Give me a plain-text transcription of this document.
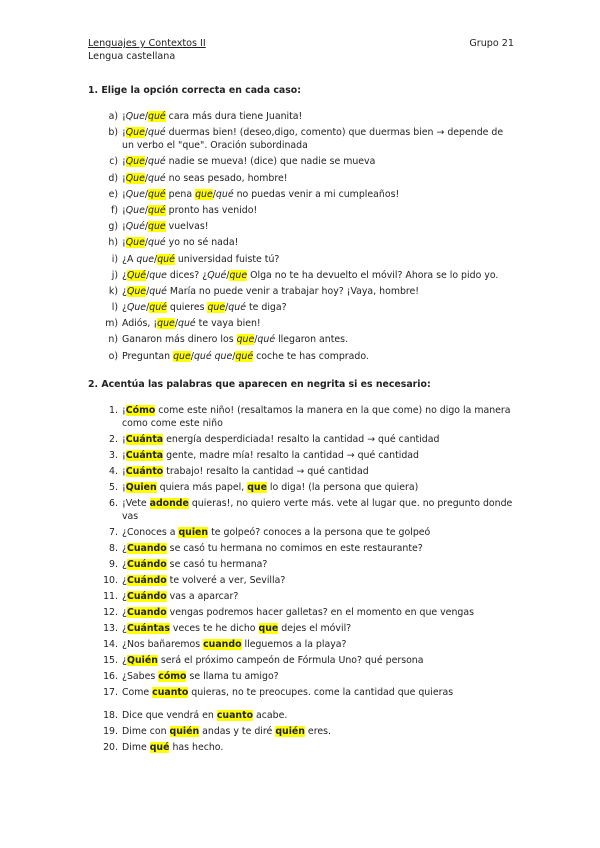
Lenguajes y Contextos II	Grupo 21
Lengua castellana
1. Elige la opción correcta en cada caso:
a) ¡Que/qué cara más dura tiene Juanita!
b) ¡Que/qué duermas bien! (deseo,digo, comento) que duermas bien → depende de un verbo el "que". Oración subordinada
c) ¡Que/qué nadie se mueva! (dice) que nadie se mueva
d) ¡Que/qué no seas pesado, hombre!
e) ¡Que/qué pena que/qué no puedas venir a mi cumpleaños!
f) ¡Que/qué pronto has venido!
g) ¡Qué/que vuelvas!
h) ¡Que/qué yo no sé nada!
i) ¿A que/qué universidad fuiste tú?
j) ¿Qué/que dices? ¿Qué/que Olga no te ha devuelto el móvil? Ahora se lo pido yo.
k) ¿Que/qué María no puede venir a trabajar hoy? ¡Vaya, hombre!
l) ¿Que/qué quieres que/qué te diga?
m) Adiós, ¡que/qué te vaya bien!
n) Ganaron más dinero los que/qué llegaron antes.
o) Preguntan que/qué que/qué coche te has comprado.
2. Acentúa las palabras que aparecen en negrita si es necesario:
1. ¡Cómo come este niño! (resaltamos la manera en la que come) no digo la manera como come este niño
2. ¡Cuánta energía desperdiciada! resalto la cantidad → qué cantidad
3. ¡Cuánta gente, madre mía! resalto la cantidad → qué cantidad
4. ¡Cuánto trabajo! resalto la cantidad → qué cantidad
5. ¡Quien quiera más papel, que lo diga! (la persona que quiera)
6. ¡Vete adonde quieras!, no quiero verte más. vete al lugar que. no pregunto donde vas
7. ¿Conoces a quien te golpeó? conoces a la persona que te golpeó
8. ¿Cuando se casó tu hermana no comimos en este restaurante?
9. ¿Cuándo se casó tu hermana?
10. ¿Cuándo te volveré a ver, Sevilla?
11. ¿Cuándo vas a aparcar?
12. ¿Cuando vengas podremos hacer galletas? en el momento en que vengas
13. ¿Cuántas veces te he dicho que dejes el móvil?
14. ¿Nos bañaremos cuando lleguemos a la playa?
15. ¿Quién será el próximo campeón de Fórmula Uno? qué persona
16. ¿Sabes cómo se llama tu amigo?
17. Come cuanto quieras, no te preocupes. come la cantidad que quieras
18. Dice que vendrá en cuanto acabe.
19. Dime con quién andas y te diré quién eres.
20. Dime qué has hecho.
